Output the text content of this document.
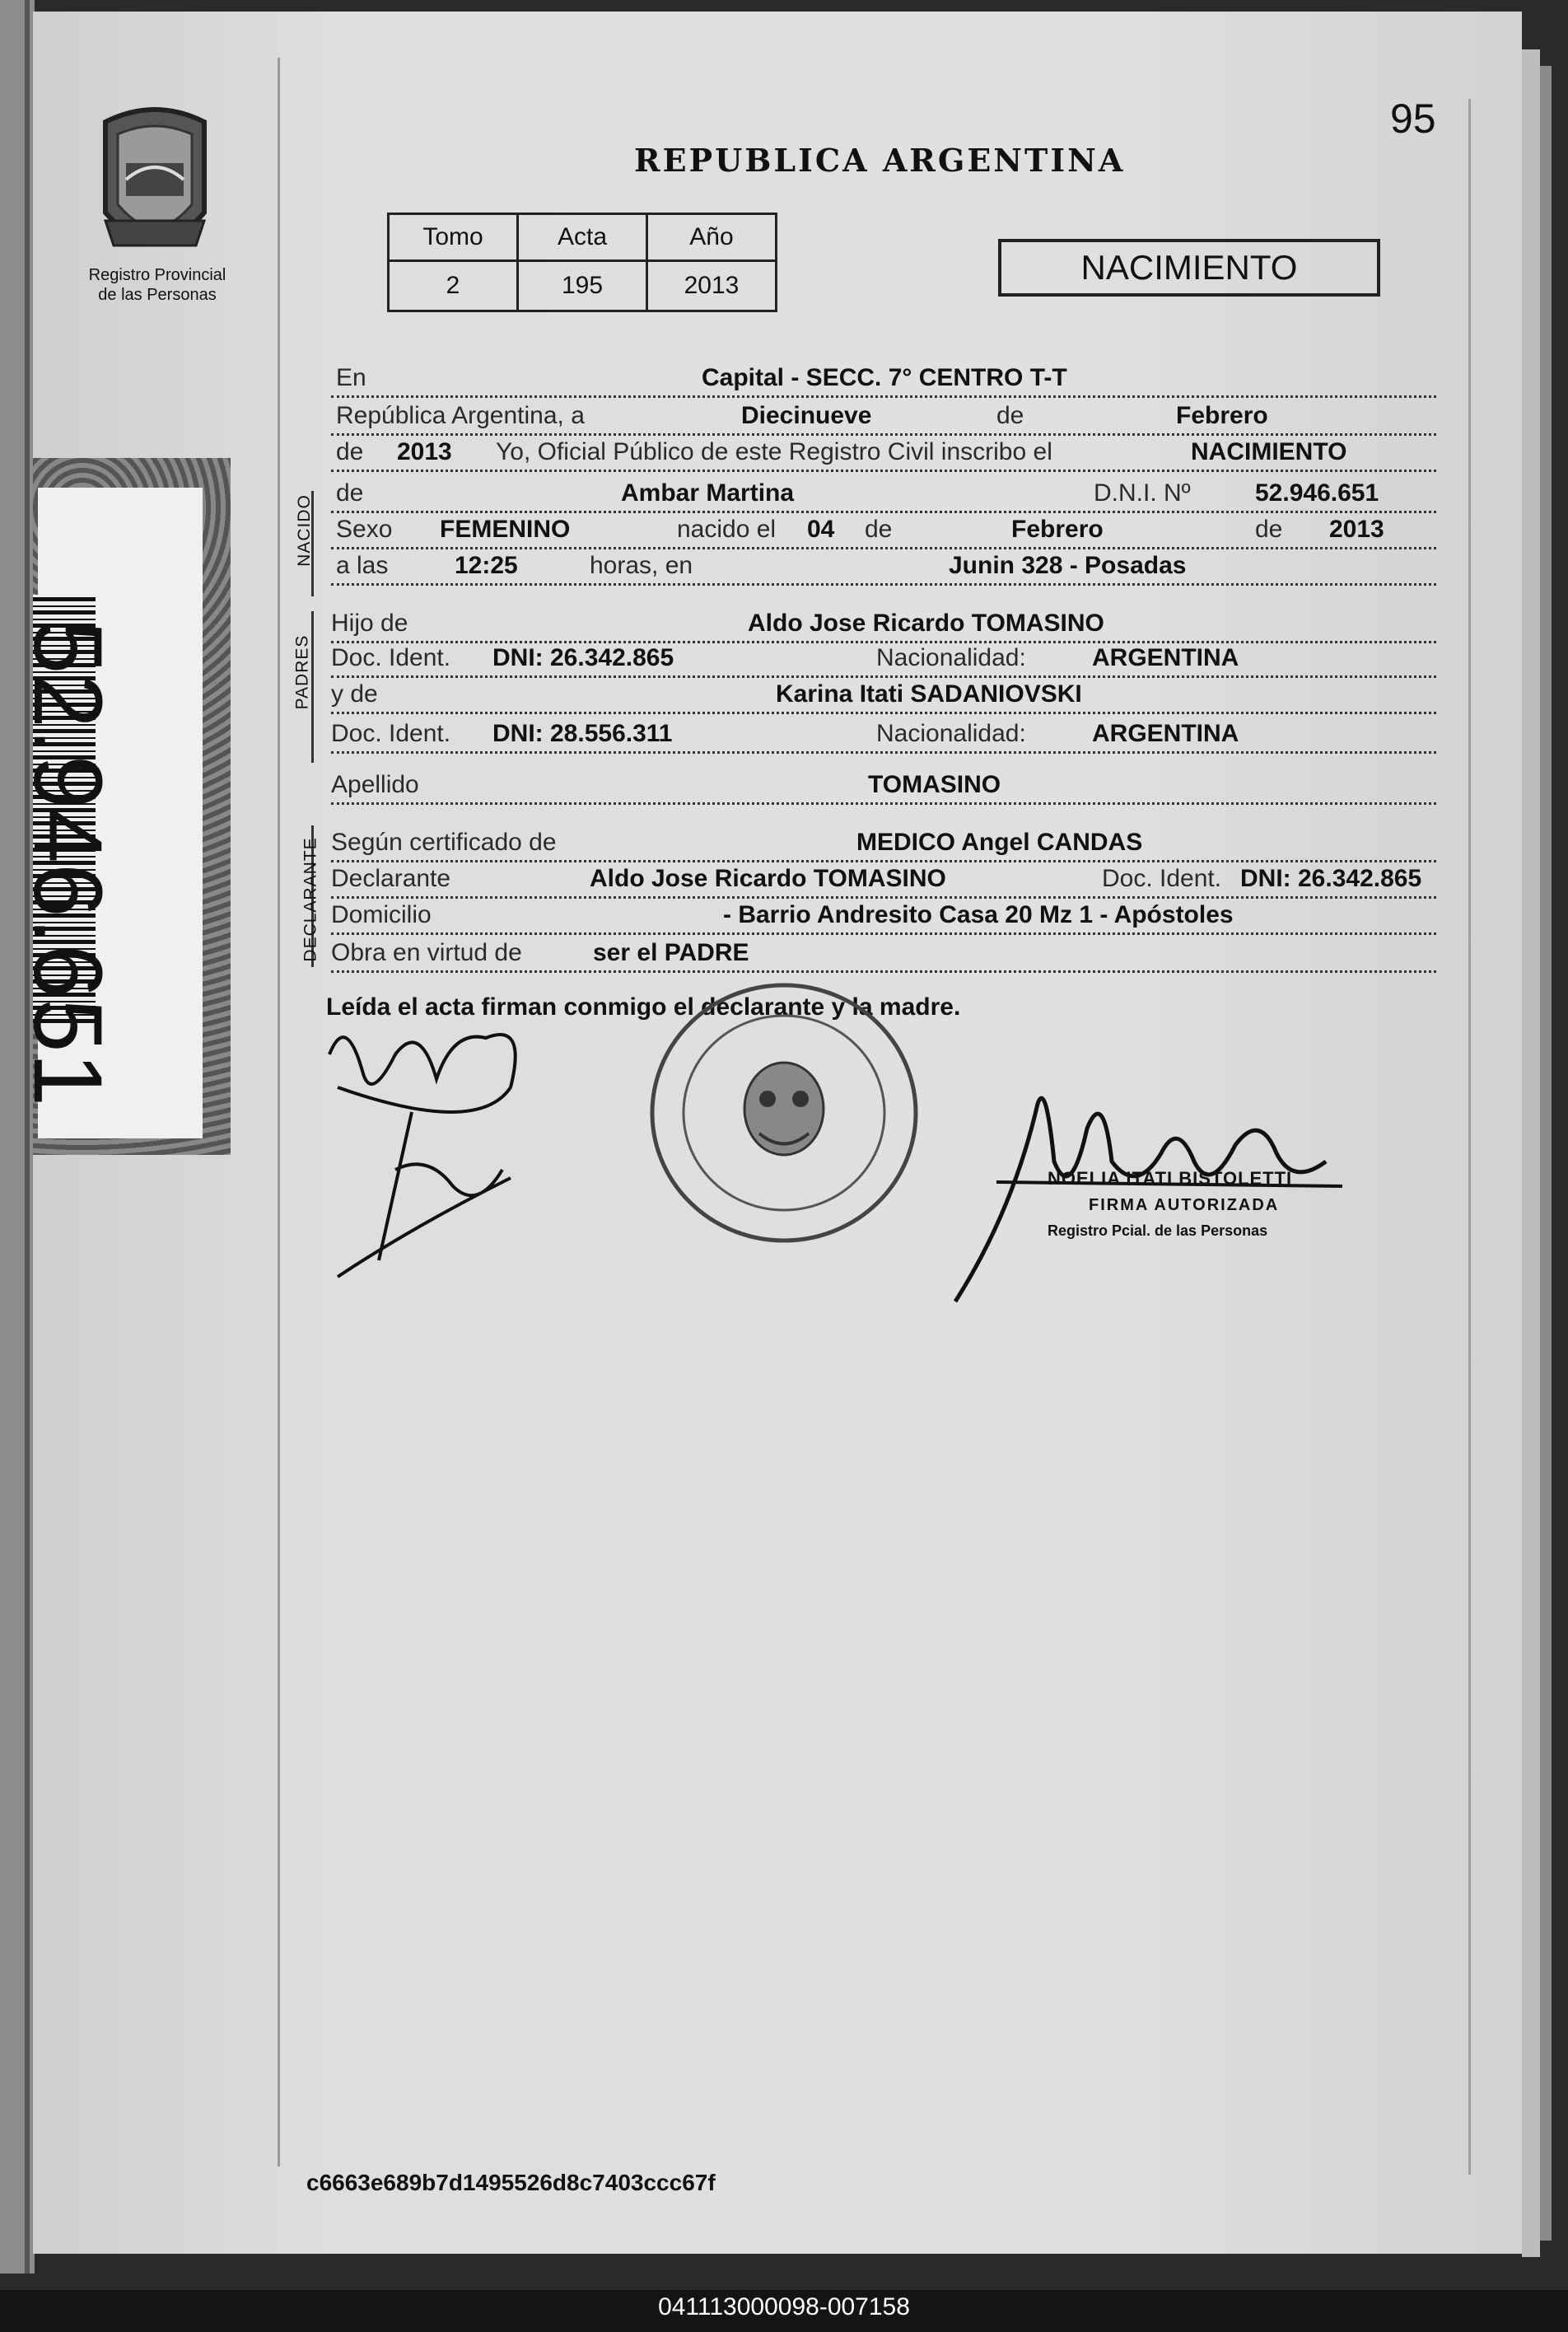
95
REPUBLICA ARGENTINA
Registro Provincial
de las Personas
Tomo	Acta	Año
2	195	2013	NACIMIENTO
52.946.651
NACIDO
PADRES
DECLARANTE
En	Capital - SECC. 7° CENTRO T-T
República Argentina, a	Diecinueve	de	Febrero
de 2013 Yo, Oficial Público de este Registro Civil inscribo el	NACIMIENTO
de	Ambar Martina	D.N.I. Nº	52.946.651
Sexo FEMENINO	nacido el 04 de	Febrero	de 2013
a las	12:25	horas, en	Junin 328 - Posadas
Hijo de	Aldo Jose Ricardo TOMASINO
Doc. Ident. DNI: 26.342.865	Nacionalidad:	ARGENTINA
y de	Karina Itati SADANIOVSKI
Doc. Ident. DNI: 28.556.311	Nacionalidad:	ARGENTINA
Apellido	TOMASINO
Según certificado de	MEDICO Angel CANDAS
Declarante	Aldo Jose Ricardo TOMASINO	Doc. Ident. DNI: 26.342.865
Domicilio	- Barrio Andresito Casa 20 Mz 1 - Apóstoles
Obra en virtud de	ser el PADRE
Leída el acta firman conmigo el declarante y la madre.
NOELIA ITATI BISTOLETTI
FIRMA AUTORIZADA
Registro Pcial. de las Personas
c6663e689b7d1495526d8c7403ccc67f
041113000098-007158
